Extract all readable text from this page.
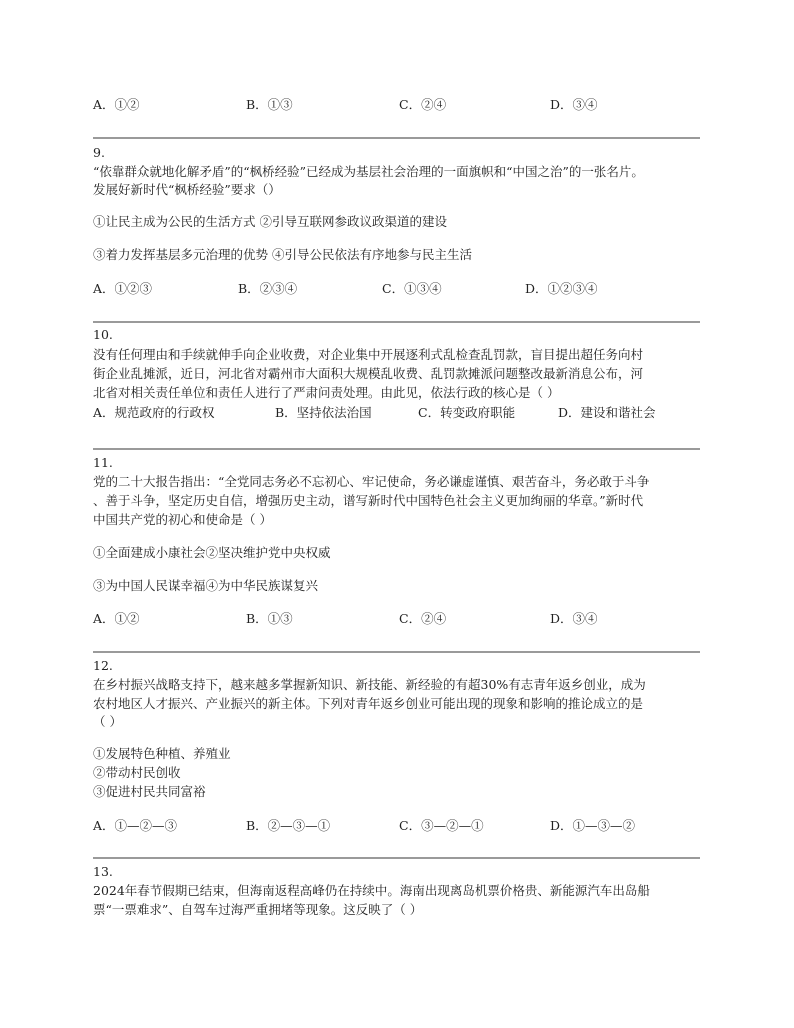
A．①②	B．①③	C．②④	D．③④
9.
“依靠群众就地化解矛盾”的“枫桥经验”已经成为基层社会治理的一面旗帜和“中国之治”的一张名片。
发展好新时代“枫桥经验”要求（）
①让民主成为公民的生活方式 ②引导互联网参政议政渠道的建设
③着力发挥基层多元治理的优势 ④引导公民依法有序地参与民主生活
A．①②③	B．②③④	C．①③④	D．①②③④
10.
没有任何理由和手续就伸手向企业收费，对企业集中开展逐利式乱检查乱罚款，盲目提出超任务向村
街企业乱摊派，近日，河北省对霸州市大面积大规模乱收费、乱罚款摊派问题整改最新消息公布，河
北省对相关责任单位和责任人进行了严肃问责处理。由此见，依法行政的核心是（ ）
A．规范政府的行政权	B．坚持依法治国	C．转变政府职能	D．建设和谐社会
11.
党的二十大报告指出：“全党同志务必不忘初心、牢记使命，务必谦虚谨慎、艰苦奋斗，务必敢于斗争
、善于斗争，坚定历史自信，增强历史主动，谱写新时代中国特色社会主义更加绚丽的华章。”新时代
中国共产党的初心和使命是（ ）
①全面建成小康社会②坚决维护党中央权威
③为中国人民谋幸福④为中华民族谋复兴
A．①②	B．①③	C．②④	D．③④
12.
在乡村振兴战略支持下，越来越多掌握新知识、新技能、新经验的有超30%有志青年返乡创业，成为
农村地区人才振兴、产业振兴的新主体。下列对青年返乡创业可能出现的现象和影响的推论成立的是
（ ）
①发展特色种植、养殖业
②带动村民创收
③促进村民共同富裕
A．①—②—③	B．②—③—①	C．③—②—①	D．①—③—②
13.
2024年春节假期已结束，但海南返程高峰仍在持续中。海南出现离岛机票价格贵、新能源汽车出岛船
票“一票难求”、自驾车过海严重拥堵等现象。这反映了（ ）
